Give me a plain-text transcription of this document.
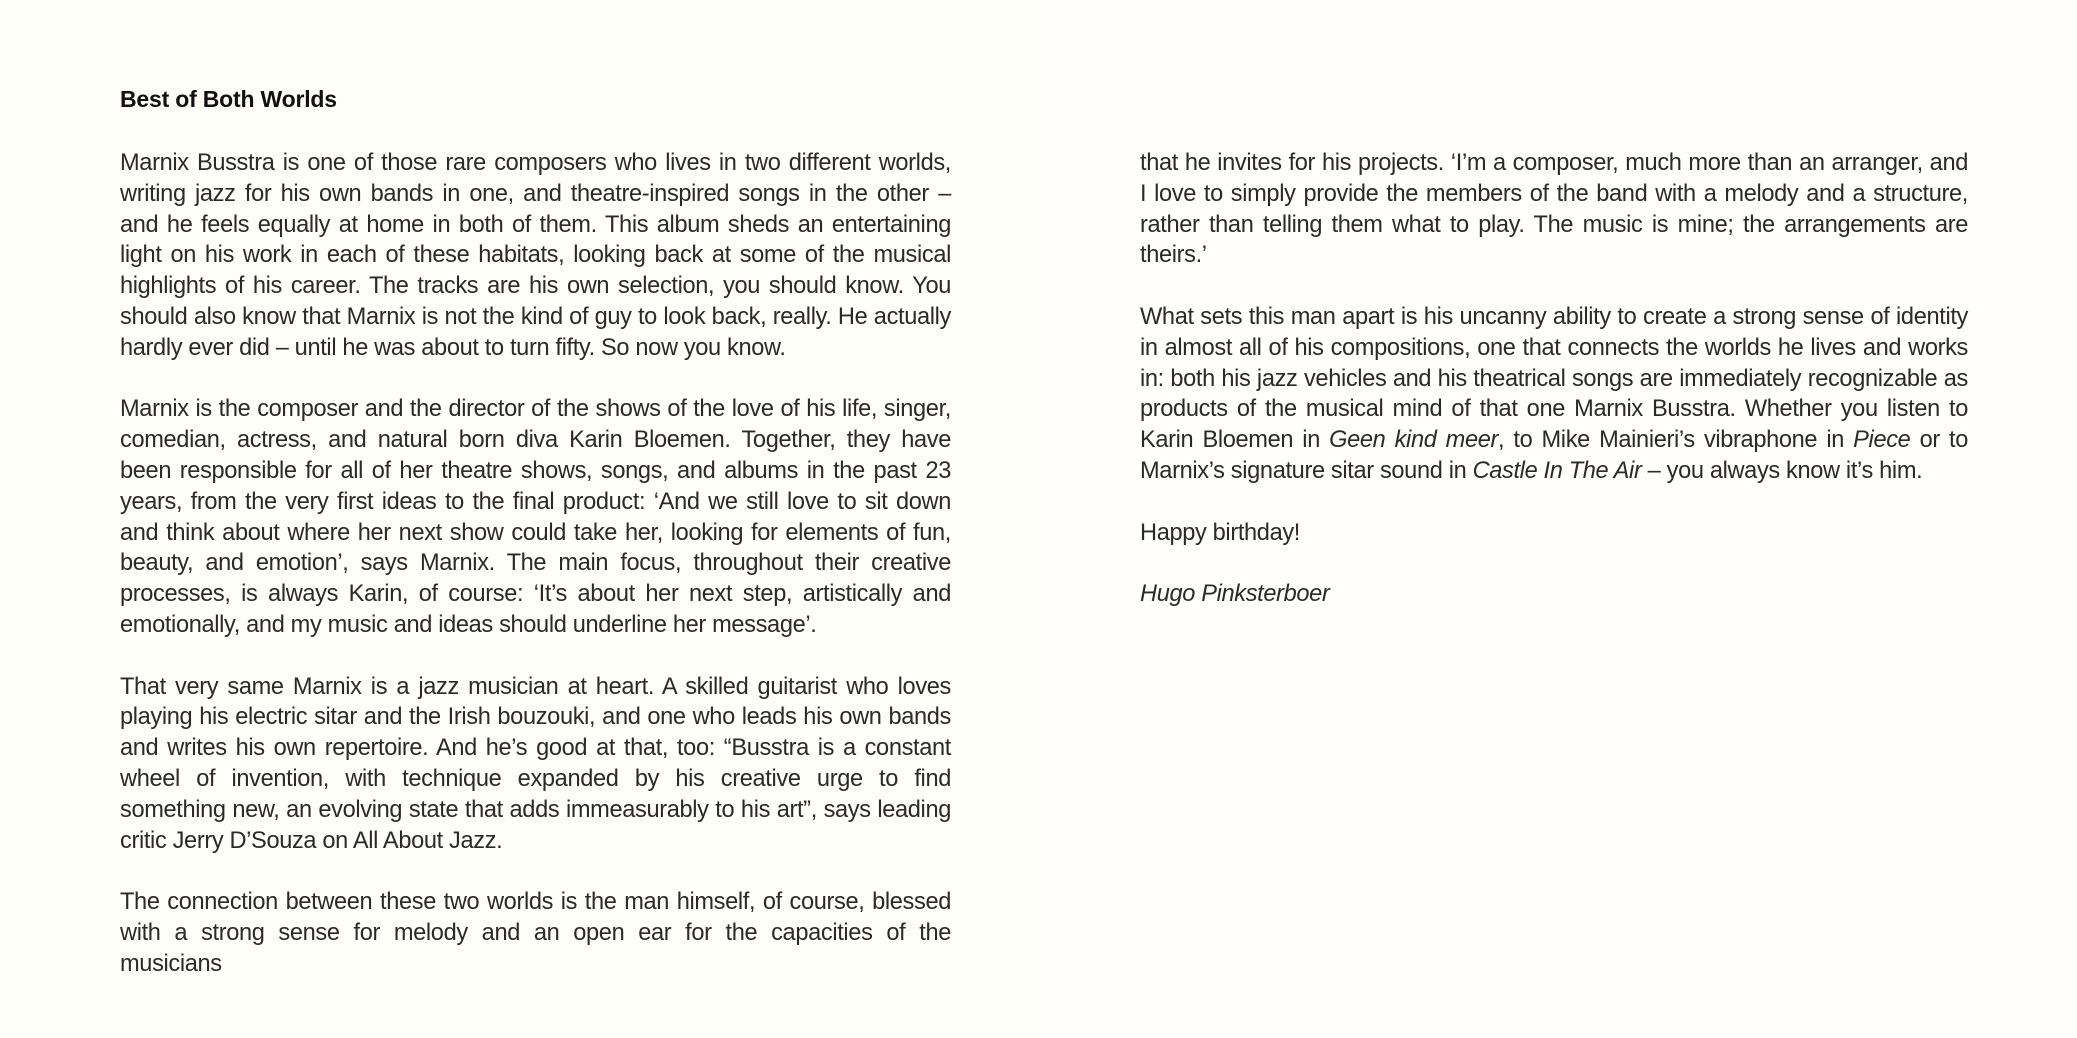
Best of Both Worlds

Marnix Busstra is one of those rare composers who lives in two different worlds, writing jazz for his own bands in one, and theatre-inspired songs in the other – and he feels equally at home in both of them. This album sheds an entertaining light on his work in each of these habitats, looking back at some of the musical highlights of his career. The tracks are his own selection, you should know. You should also know that Marnix is not the kind of guy to look back, really. He actually hardly ever did – until he was about to turn fifty. So now you know.

Marnix is the composer and the director of the shows of the love of his life, singer, comedian, actress, and natural born diva Karin Bloemen. Together, they have been responsible for all of her theatre shows, songs, and albums in the past 23 years, from the very first ideas to the final product: ‘And we still love to sit down and think about where her next show could take her, looking for elements of fun, beauty, and emotion’, says Marnix. The main focus, throughout their creative processes, is always Karin, of course: ‘It’s about her next step, artistically and emotionally, and my music and ideas should underline her message’.

That very same Marnix is a jazz musician at heart. A skilled guitarist who loves playing his electric sitar and the Irish bouzouki, and one who leads his own bands and writes his own repertoire. And he’s good at that, too: “Busstra is a constant wheel of invention, with technique expanded by his creative urge to find something new, an evolving state that adds immeasurably to his art”, says leading critic Jerry D’Souza on All About Jazz.

The connection between these two worlds is the man himself, of course, blessed with a strong sense for melody and an open ear for the capacities of the musicians

that he invites for his projects. ‘I’m a composer, much more than an arranger, and I love to simply provide the members of the band with a melody and a structure, rather than telling them what to play. The music is mine; the arrangements are theirs.’

What sets this man apart is his uncanny ability to create a strong sense of identity in almost all of his compositions, one that connects the worlds he lives and works in: both his jazz vehicles and his theatrical songs are immediately recognizable as products of the musical mind of that one Marnix Busstra. Whether you listen to Karin Bloemen in Geen kind meer, to Mike Mainieri’s vibraphone in Piece or to Marnix’s signature sitar sound in Castle In The Air – you always know it’s him.

Happy birthday!

Hugo Pinksterboer
